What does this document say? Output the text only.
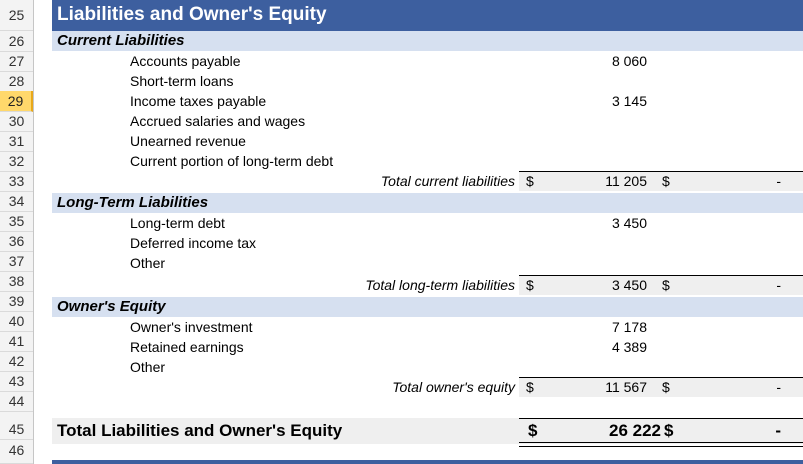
25
26
27
28
29
30
31
32
33
34
35
36
37
38
39
40
41
42
43
44
45
46
Liabilities and Owner's Equity
Current Liabilities
Accounts payable	8 060
Short-term loans
Income taxes payable	3 145
Accrued salaries and wages
Unearned revenue
Current portion of long-term debt
Total current liabilities $	11 205 $	-
Long-Term Liabilities
Long-term debt	3 450
Deferred income tax
Other
Total long-term liabilities $	3 450 $	-
Owner's Equity
Owner's investment	7 178
Retained earnings	4 389
Other
Total owner's equity $	11 567 $	-
Total Liabilities and Owner's Equity	$	26 222 $	-
